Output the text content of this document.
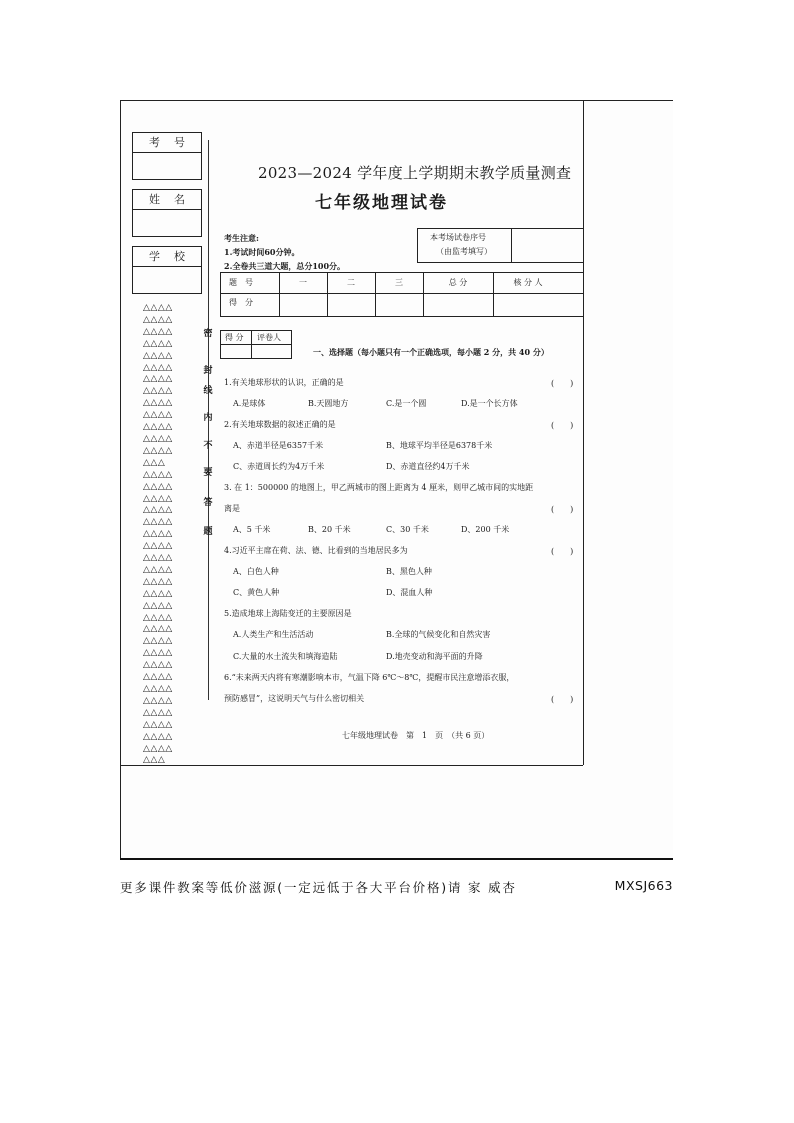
考号
姓名
学校
△△△△
△△△△
△△△△
△△△△
△△△△
△△△△
△△△△
△△△△
△△△△
△△△△
△△△△
△△△△
△△△△
△△△
△△△△
△△△△
△△△△
△△△△
△△△△
△△△△
△△△△
△△△△
△△△△
△△△△
△△△△
△△△△
△△△△
△△△△
△△△△
△△△△
△△△△
△△△△
△△△△
△△△△
△△△△
△△△△
△△△△
△△△△
△△△
密
封
线
内
不
要
答
题
2023—2024 学年度上学期期末教学质量测查
七年级地理试卷
考生注意:
1.考试时间60分钟。
2.全卷共三道大题，总分100分。
本考场试卷序号
（由监考填写）
题　号	一	二	三	总 分	核 分 人
得　分
得 分 评卷人
一、选择题（每小题只有一个正确选项，每小题 2 分，共 40 分）
1.有关地球形状的认识，正确的是	(　　)
A.是球体	B.天圆地方	C.是一个圆	D.是一个长方体
2.有关地球数据的叙述正确的是	(　　)
A、赤道半径是6357千米	B、地球平均半径是6378千米
C、赤道周长约为4万千米	D、赤道直径约4万千米
3. 在 1：500000 的地图上，甲乙两城市的图上距离为 4 厘米，则甲乙城市间的实地距
离是	(　　)
A、5 千米	B、20 千米	C、30 千米	D、200 千米
4.习近平主席在荷、法、德、比看到的当地居民多为	(　　)
A、白色人种	B、黑色人种
C、黄色人种	D、混血人种
5.造成地球上海陆变迁的主要原因是
A.人类生产和生活活动	B.全球的气候变化和自然灾害
C.大量的水土流失和填海造陆	D.地壳变动和海平面的升降
6.“未来两天内将有寒潮影响本市，气温下降 6℃～8℃，提醒市民注意增添衣服，
预防感冒”，这说明天气与什么密切相关	(　　)
七年级地理试卷　第　1　页　（共 6 页）
更多课件教案等低价滋源(一定远低于各大平台价格)请 家 威杏	MXSJ663
